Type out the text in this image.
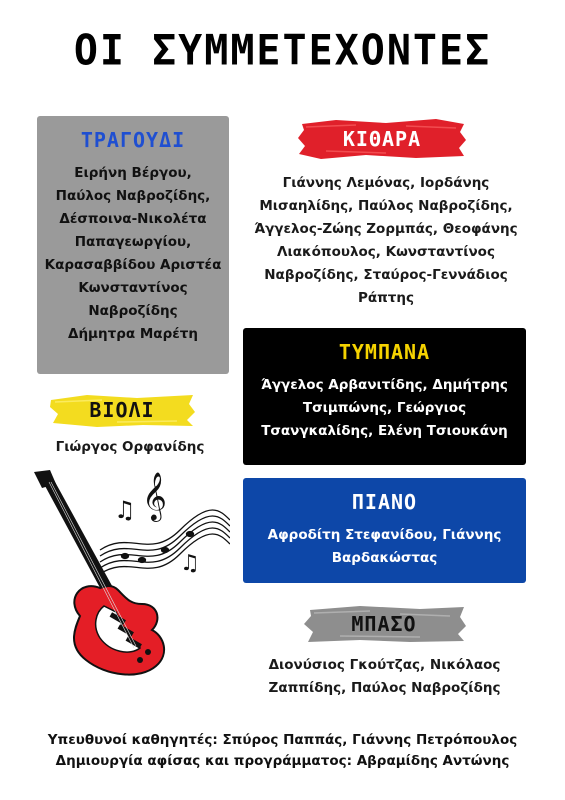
ΟΙ ΣΥΜΜΕΤΕΧΟΝΤΕΣ
ΤΡΑΓΟΥΔΙ
Ειρήνη Βέργου,
Παύλος Ναβροζίδης,
Δέσποινα-Νικολέτα
Παπαγεωργίου,
Καρασαββίδου Αριστέα
Κωνσταντίνος
Ναβροζίδης
Δήμητρα Μαρέτη
ΚΙΘΑΡΑ
Γιάννης Λεμόνας, Ιορδάνης
Μισαηλίδης, Παύλος Ναβροζίδης,
Άγγελος-Ζώης Ζορμπάς, Θεοφάνης
Λιακόπουλος, Κωνσταντίνος
Ναβροζίδης, Σταύρος-Γεννάδιος
Ράπτης
ΤΥΜΠΑΝΑ
Άγγελος Αρβανιτίδης, Δημήτρης
Τσιμπώνης, Γεώργιος
Τσανγκαλίδης, Ελένη Τσιουκάνη
ΒΙΟΛΙ
Γιώργος Ορφανίδης
ΠΙΑΝΟ
Αφροδίτη Στεφανίδου, Γιάννης
Βαρδακώστας
ΜΠΑΣΟ
Διονύσιος Γκούτζας, Νικόλαος
Ζαππίδης, Παύλος Ναβροζίδης
𝄞
♫
♫
Υπευθυνοί καθηγητές: Σπύρος Παππάς, Γιάννης Πετρόπουλος
Δημιουργία αφίσας και προγράμματος: Αβραμίδης Αντώνης
